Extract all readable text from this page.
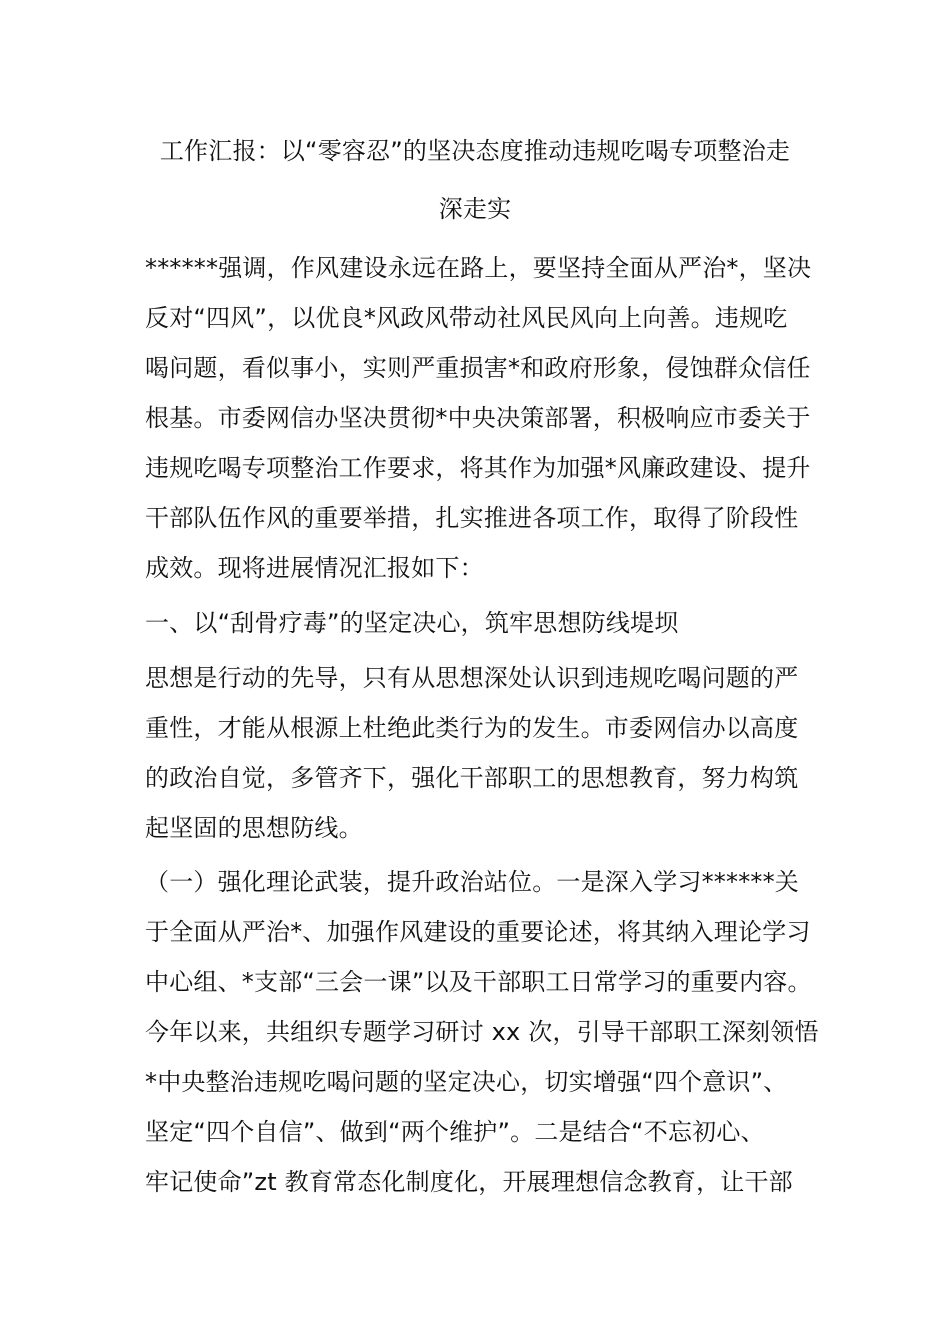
工作汇报：以“零容忍”的坚决态度推动违规吃喝专项整治走
深走实
******强调，作风建设永远在路上，要坚持全面从严治*，坚决
反对“四风”，以优良*风政风带动社风民风向上向善。违规吃
喝问题，看似事小，实则严重损害*和政府形象，侵蚀群众信任
根基。市委网信办坚决贯彻*中央决策部署，积极响应市委关于
违规吃喝专项整治工作要求，将其作为加强*风廉政建设、提升
干部队伍作风的重要举措，扎实推进各项工作，取得了阶段性
成效。现将进展情况汇报如下：
一、以“刮骨疗毒”的坚定决心，筑牢思想防线堤坝
思想是行动的先导，只有从思想深处认识到违规吃喝问题的严
重性，才能从根源上杜绝此类行为的发生。市委网信办以高度
的政治自觉，多管齐下，强化干部职工的思想教育，努力构筑
起坚固的思想防线。
（一）强化理论武装，提升政治站位。一是深入学习******关
于全面从严治*、加强作风建设的重要论述，将其纳入理论学习
中心组、*支部“三会一课”以及干部职工日常学习的重要内容。
今年以来，共组织专题学习研讨 xx 次，引导干部职工深刻领悟
*中央整治违规吃喝问题的坚定决心，切实增强“四个意识”、
坚定“四个自信”、做到“两个维护”。二是结合“不忘初心、
牢记使命”zt 教育常态化制度化，开展理想信念教育，让干部
